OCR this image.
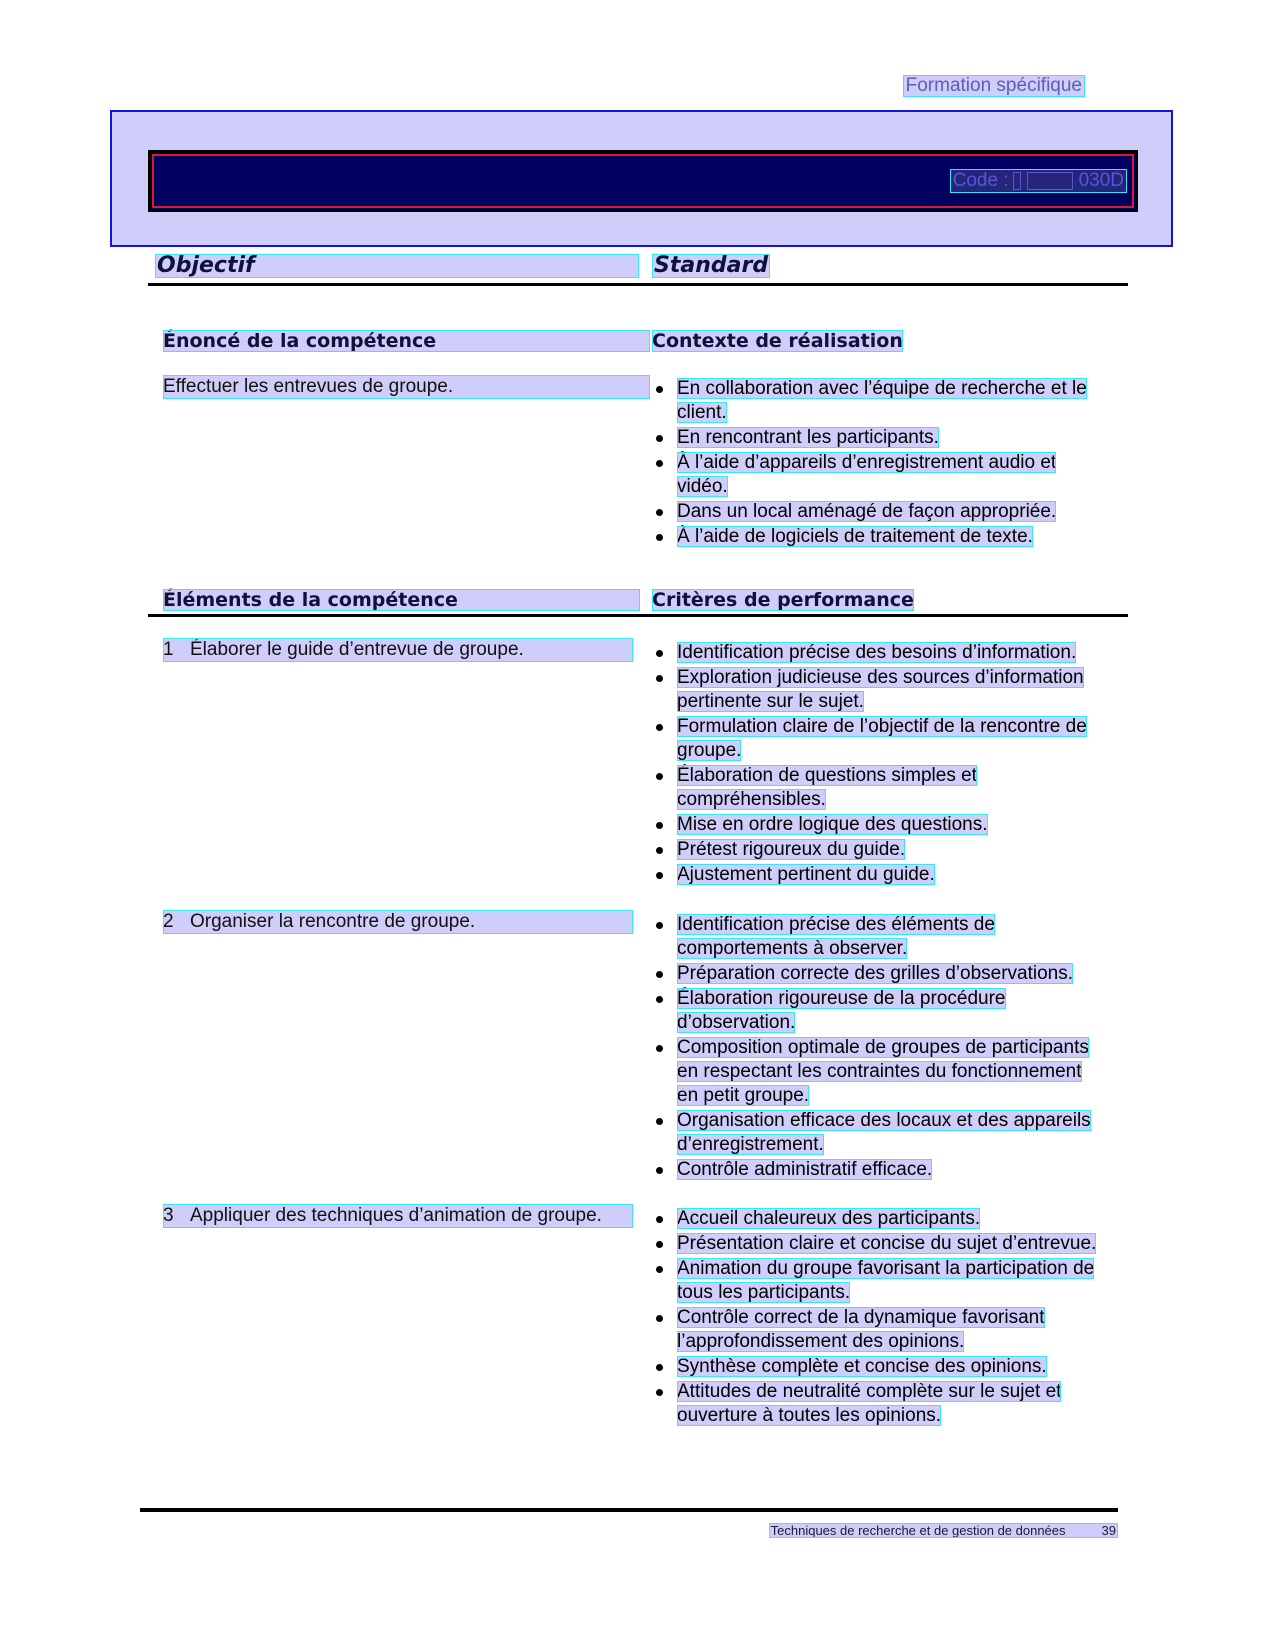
Formation spécifique
Code :	030D
Objectif	Standard
Énoncé de la compétence	Contexte de réalisation
Effectuer les entrevues de groupe.	En collaboration avec l’équipe de recherche et le client.
En rencontrant les participants.
À l’aide d’appareils d’enregistrement audio et vidéo.
Dans un local aménagé de façon appropriée.
À l’aide de logiciels de traitement de texte.
Éléments de la compétence	Critères de performance
1 Élaborer le guide d’entrevue de groupe.	Identification précise des besoins d’information.
Exploration judicieuse des sources d’information pertinente sur le sujet.
Formulation claire de l’objectif de la rencontre de groupe.
Élaboration de questions simples et compréhensibles.
Mise en ordre logique des questions.
Prétest rigoureux du guide.
Ajustement pertinent du guide.
2 Organiser la rencontre de groupe.	Identification précise des éléments de comportements à observer.
Préparation correcte des grilles d’observations.
Élaboration rigoureuse de la procédure d’observation.
Composition optimale de groupes de participants en respectant les contraintes du fonctionnement en petit groupe.
Organisation efficace des locaux et des appareils d’enregistrement.
Contrôle administratif efficace.
3 Appliquer des techniques d’animation de groupe.	Accueil chaleureux des participants.
Présentation claire et concise du sujet d’entrevue.
Animation du groupe favorisant la participation de tous les participants.
Contrôle correct de la dynamique favorisant l’approfondissement des opinions.
Synthèse complète et concise des opinions.
Attitudes de neutralité complète sur le sujet et ouverture à toutes les opinions.
Techniques de recherche et de gestion de données	39
